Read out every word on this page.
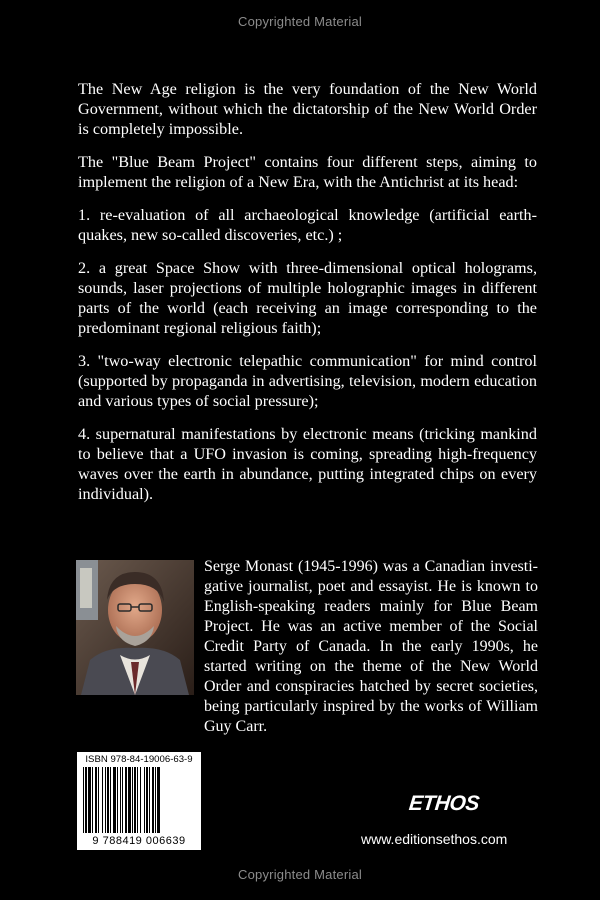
Copyrighted Material

The New Age religion is the very foundation of the New World Government, without which the dictatorship of the New World Order is completely impossible.

The "Blue Beam Project" contains four different steps, aiming to implement the religion of a New Era, with the Antichrist at its head:

1. re-evaluation of all archaeological knowledge (artificial earthquakes, new so-called discoveries, etc.) ;

2. a great Space Show with three-dimensional optical holograms, sounds, laser projections of multiple holographic images in different parts of the world (each receiving an image corresponding to the predominant regional religious faith);

3. "two-way electronic telepathic communication" for mind control (supported by propaganda in advertising, television, modern education and various types of social pressure);

4. supernatural manifestations by electronic means (tricking mankind to believe that a UFO invasion is coming, spreading high-frequency waves over the earth in abundance, putting integrated chips on every individual).

Serge Monast (1945-1996) was a Canadian investigative journalist, poet and essayist. He is known to English-speaking readers mainly for Blue Beam Project. He was an active member of the Social Credit Party of Canada. In the early 1990s, he started writing on the theme of the New World Order and conspiracies hatched by secret societies, being particularly inspired by the works of William Guy Carr.
ISBN 978-84-19006-63-9
9 788419 006639
ETHOS
www.editionsethos.com
Copyrighted Material
